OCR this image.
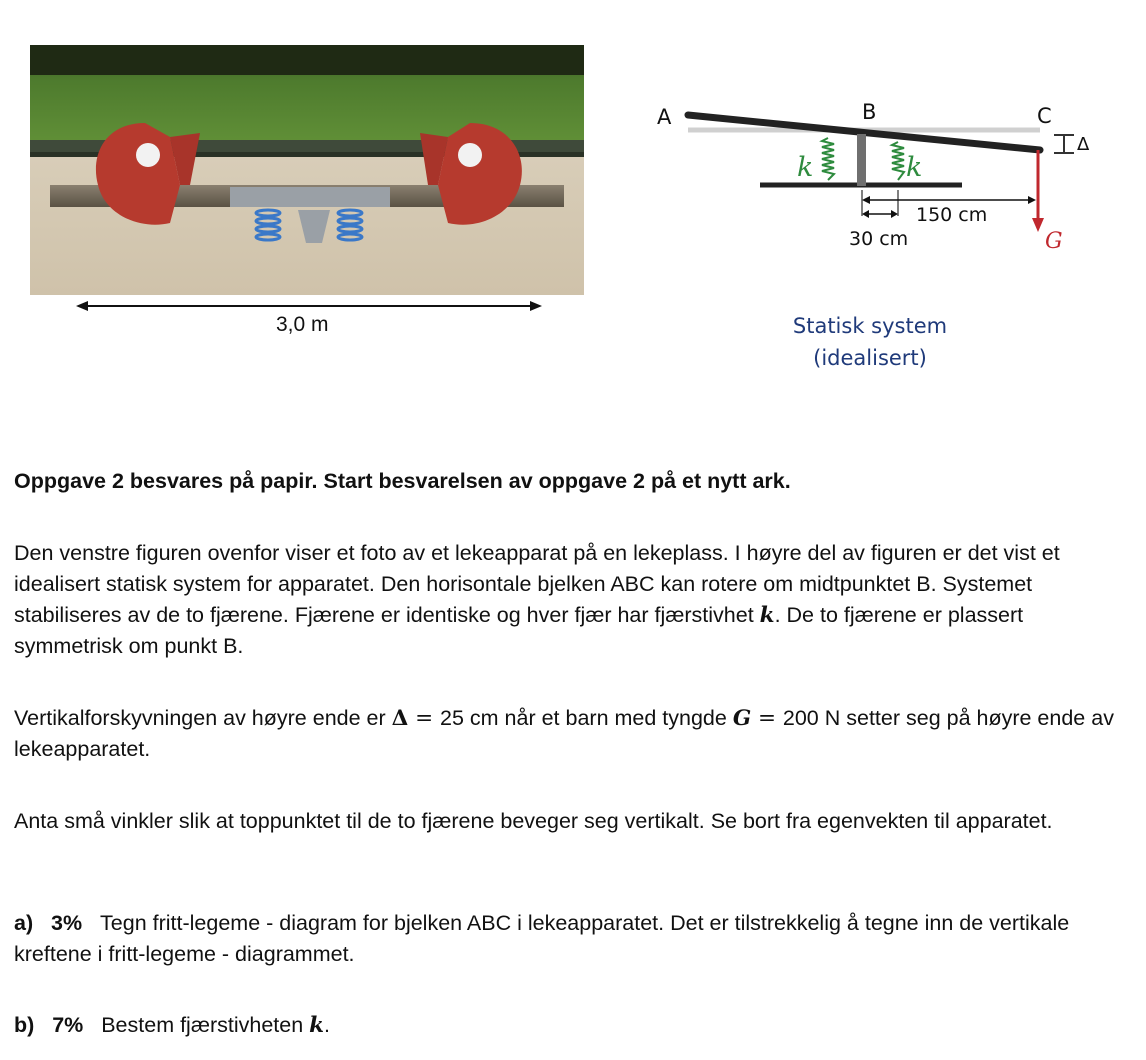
3,0 m
A	B	C
k	k
Δ
G
150 cm
30 cm
Statisk system
(idealisert)

Oppgave 2 besvares på papir. Start besvarelsen av oppgave 2 på et nytt ark.

Den venstre figuren ovenfor viser et foto av et lekeapparat på en lekeplass. I høyre del av figuren er det vist et idealisert statisk system for apparatet. Den horisontale bjelken ABC kan rotere om midtpunktet B. Systemet stabiliseres av de to fjærene. Fjærene er identiske og hver fjær har fjærstivhet k. De to fjærene er plassert symmetrisk om punkt B.

Vertikalforskyvningen av høyre ende er Δ = 25 cm når et barn med tyngde G = 200 N setter seg på høyre ende av lekeapparatet.

Anta små vinkler slik at toppunktet til de to fjærene beveger seg vertikalt. Se bort fra egenvekten til apparatet.

a) 3% Tegn fritt-legeme - diagram for bjelken ABC i lekeapparatet. Det er tilstrekkelig å tegne inn de vertikale kreftene i fritt-legeme - diagrammet.

b) 7% Bestem fjærstivheten k.
